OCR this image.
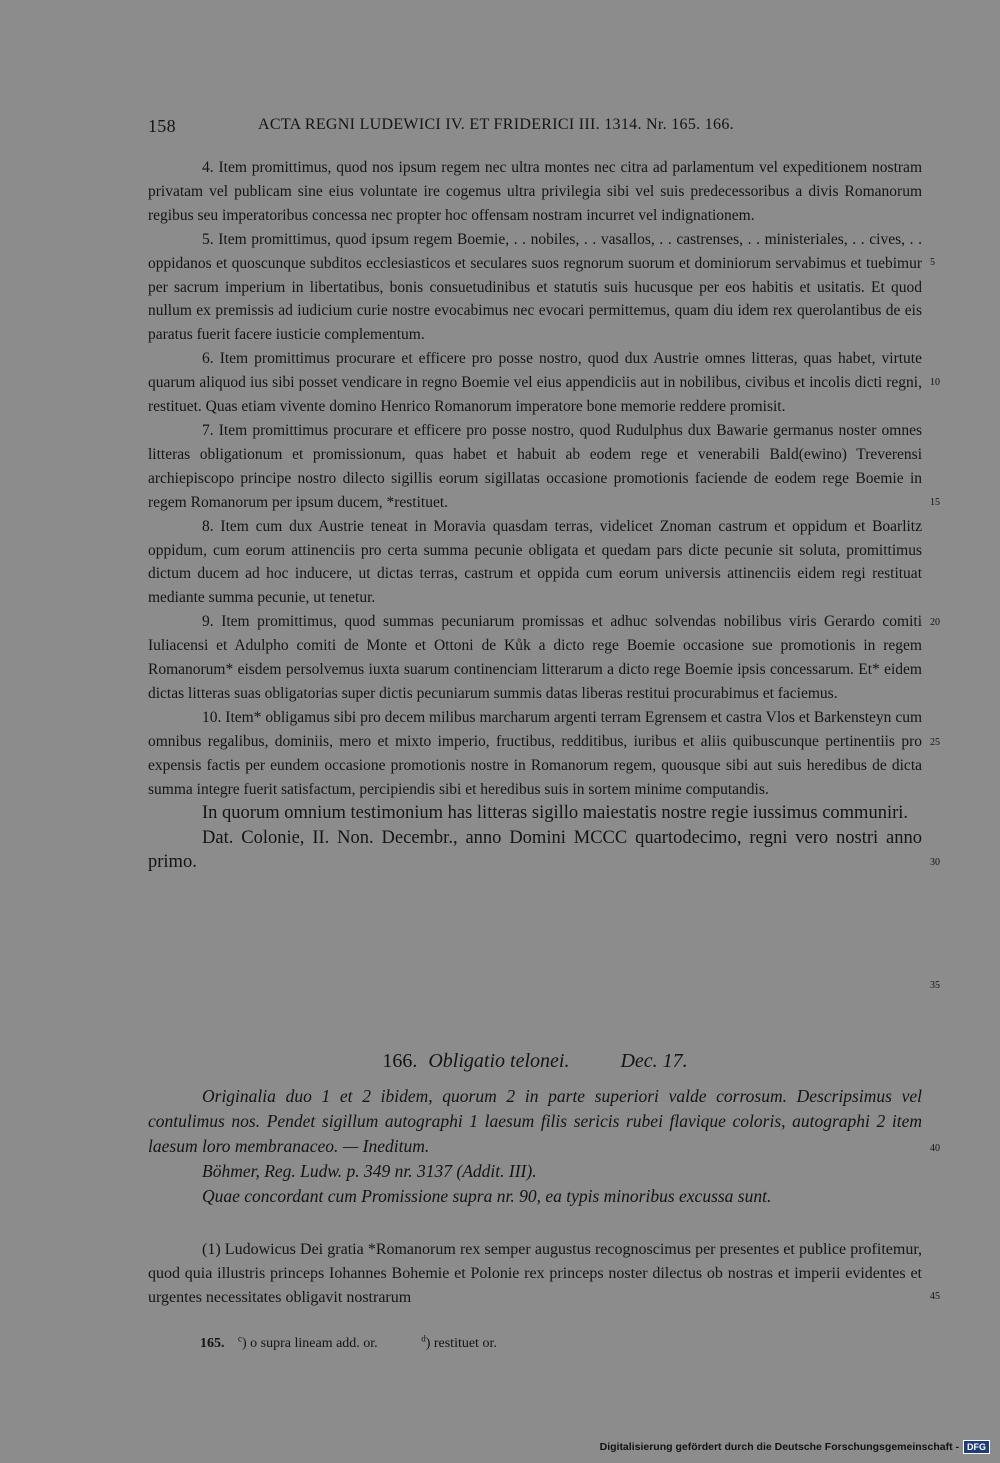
158	ACTA REGNI LUDEWICI IV. ET FRIDERICI III. 1314. Nr. 165. 166.

4. Item promittimus, quod nos ipsum regem nec ultra montes nec citra ad parlamentum vel expeditionem nostram privatam vel publicam sine eius voluntate ire cogemus ultra privilegia sibi vel suis predecessoribus a divis Romanorum regibus seu imperatoribus concessa nec propter hoc offensam nostram incurret vel indignationem.

5. Item promittimus, quod ipsum regem Boemie, . . nobiles, . . vasallos, . . castrenses, . . ministeriales, . . cives, . . oppidanos et quoscunque subditos ecclesiasticos et seculares suos regnorum suorum et dominiorum servabimus et tuebimur per sacrum imperium in libertatibus, bonis consuetudinibus et statutis suis hucusque per eos habitis et usitatis. Et quod nullum ex premissis ad iudicium curie nostre evocabimus nec evocari permittemus, quam diu idem rex querolantibus de eis paratus fuerit facere iusticie complementum.

6. Item promittimus procurare et efficere pro posse nostro, quod dux Austrie omnes litteras, quas habet, virtute quarum aliquod ius sibi posset vendicare in regno Boemie vel eius appendiciis aut in nobilibus, civibus et incolis dicti regni, restituet. Quas etiam vivente domino Henrico Romanorum imperatore bone memorie reddere promisit.

7. Item promittimus procurare et efficere pro posse nostro, quod Rudulphus dux Bawarie germanus noster omnes litteras obligationum et promissionum, quas habet et habuit ab eodem rege et venerabili Bald(ewino) Treverensi archiepiscopo principe nostro dilecto sigillis eorum sigillatas occasione promotionis faciende de eodem rege Boemie in regem Romanorum per ipsum ducem, *restituet.

8. Item cum dux Austrie teneat in Moravia quasdam terras, videlicet Znoman castrum et oppidum et Boarlitz oppidum, cum eorum attinenciis pro certa summa pecunie obligata et quedam pars dicte pecunie sit soluta, promittimus dictum ducem ad hoc inducere, ut dictas terras, castrum et oppida cum eorum universis attinenciis eidem regi restituat mediante summa pecunie, ut tenetur.

9. Item promittimus, quod summas pecuniarum promissas et adhuc solvendas nobilibus viris Gerardo comiti Iuliacensi et Adulpho comiti de Monte et Ottoni de Kůk a dicto rege Boemie occasione sue promotionis in regem Romanorum* eisdem persolvemus iuxta suarum continenciam litterarum a dicto rege Boemie ipsis concessarum. Et* eidem dictas litteras suas obligatorias super dictis pecuniarum summis datas liberas restitui procurabimus et faciemus.

10. Item* obligamus sibi pro decem milibus marcharum argenti terram Egrensem et castra Vlos et Barkensteyn cum omnibus regalibus, dominiis, mero et mixto imperio, fructibus, redditibus, iuribus et aliis quibuscunque pertinentiis pro expensis factis per eundem occasione promotionis nostre in Romanorum regem, quousque sibi aut suis heredibus de dicta summa integre fuerit satisfactum, percipiendis sibi et heredibus suis in sortem minime computandis.

In quorum omnium testimonium has litteras sigillo maiestatis nostre regie iussimus communiri.

Dat. Colonie, II. Non. Decembr., anno Domini MCCC quartodecimo, regni vero nostri anno primo.

166. Obligatio telonei.	Dec. 17.

Originalia duo 1 et 2 ibidem, quorum 2 in parte superiori valde corrosum. Descripsimus vel contulimus nos. Pendet sigillum autographi 1 laesum filis sericis rubei flavique coloris, autographi 2 item laesum loro membranaceo. — Ineditum.

Böhmer, Reg. Ludw. p. 349 nr. 3137 (Addit. III).

Quae concordant cum Promissione supra nr. 90, ea typis minoribus excussa sunt.

(1) Ludowicus Dei gratia *Romanorum rex semper augustus recognoscimus per presentes et publice profitemur, quod quia illustris princeps Iohannes Bohemie et Polonie rex princeps noster dilectus ob nostras et imperii evidentes et urgentes necessitates obligavit nostrarum

5
10
15
20
25
30
35
40
45
165. $^c$) o supra lineam add. or.	$^d$) restituet or.
Digitalisierung gefördert durch die Deutsche Forschungsgemeinschaft - DFG
